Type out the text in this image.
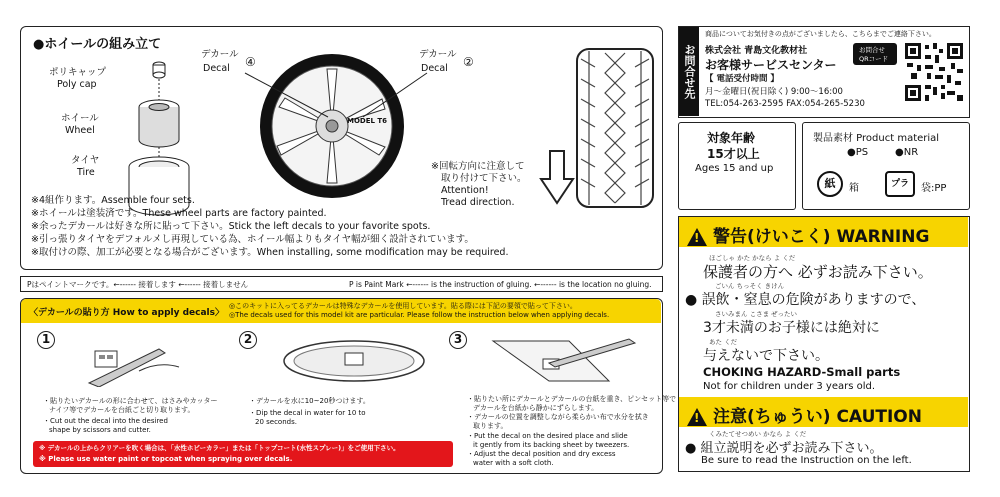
●ホイールの組み立て
ポリキャップ
Poly cap
ホイール
Wheel
タイヤ
Tire
MODEL T6
デカール
Decal ④
デカール
Decal ②
※回転方向に注意して
取り付けて下さい。
Attention!
Tread direction.
※4組作ります。Assemble four sets.
※ホイールは塗装済です。These wheel parts are factory painted.
※余ったデカールは好きな所に貼って下さい。Stick the left decals to your favorite spots.
※引っ張りタイヤをデフォルメし再現している為、ホイール幅よりもタイヤ幅が細く設計されています。
※取付けの際、加工が必要となる場合がございます。When installing, some modification may be required.
Pはペイントマークです。←------ 接着します ←------ 接着しません	P is Paint Mark ←------ is the instruction of gluing. ←------ is the location no gluing.
〈デカールの貼り方 How to apply decals〉
◎このキットに入ってるデカールは特殊なデカールを使用しています。貼る際には下記の要領で貼って下さい。
◎The decals used for this model kit are particular. Please follow the instruction below when applying decals.
1
・貼りたいデカールの形に合わせて、はさみやカッター
ナイフ等でデカールを台紙ごと切り取ります。
・Cut out the decal into the desired
shape by scissors and cutter.
2
・デカールを水に10~20秒つけます。
・Dip the decal in water for 10 to
20 seconds.
3
・貼りたい所にデカールとデカールの台紙を重き、ピンセット等で
デカールを台紙から静かにずらします。
・デカールの位置を調整しながら柔らかい布で水分を拭き
取ります。
・Put the decal on the desired place and slide
it gently from its backing sheet by tweezers.
・Adjust the decal position and dry excess
water with a soft cloth.
※ デカールの上からクリアーを吹く場合は、「水性ホビーカラー」または「トップコート(水性スプレー)」をご使用下さい。
※ Please use water paint or topcoat when spraying over decals.
お問合せ先
商品についてお気付きの点がございましたら、こちらまでご連絡下さい。
株式会社 青島文化教材社
お客様サービスセンター
お問合せ
QRコード
【 電話受付時間 】
月〜金曜日(祝日除く) 9:00〜16:00
TEL:054-263-2595 FAX:054-265-5230
対象年齢
15才以上
Ages 15 and up
製品素材 Product material
●PS	●NR
紙	箱	プラ	袋:PP
!警告(けいこく) WARNING
ほごしゃ かた かなら よ くだ
保護者の方へ 必ずお読み下さい。
ごいん ちっそく きけん
● 誤飲・窒息の危険がありますので、
さいみまん こさま ぜったい
3才未満のお子様には絶対に
あた くだ
与えないで下さい。
CHOKING HAZARD-Small parts
Not for children under 3 years old.
!注意(ちゅうい) CAUTION
くみたてせつめい かなら よ くだ
● 組立説明を必ずお読み下さい。
Be sure to read the Instruction on the left.
